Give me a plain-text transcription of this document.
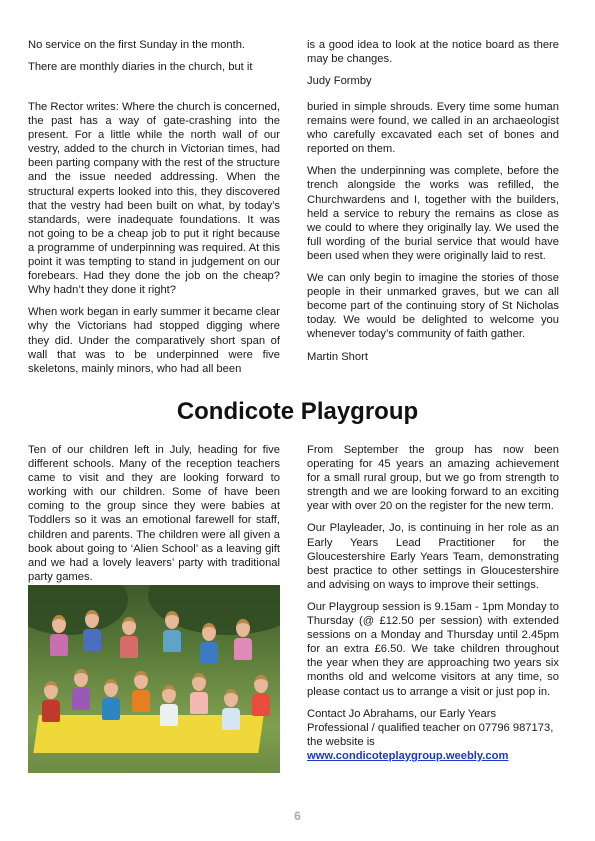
No service on the first Sunday in the month.

There are monthly diaries in the church, but it

is a good idea to look at the notice board as there may be changes.

Judy Formby

The Rector writes: Where the church is concerned, the past has a way of gate-crashing into the present. For a little while the north wall of our vestry, added to the church in Victorian times, had been parting company with the rest of the structure and the issue needed addressing. When the structural experts looked into this, they discovered that the vestry had been built on what, by today’s standards, were inadequate foundations. It was not going to be a cheap job to put it right because a programme of underpinning was required. At this point it was tempting to stand in judgement on our forebears. Had they done the job on the cheap? Why hadn’t they done it right?

When work began in early summer it became clear why the Victorians had stopped digging where they did. Under the comparatively short span of wall that was to be underpinned were five skeletons, mainly minors, who had all been

buried in simple shrouds. Every time some human remains were found, we called in an archaeologist who carefully excavated each set of bones and reported on them.

When the underpinning was complete, before the trench alongside the works was refilled, the Churchwardens and I, together with the builders, held a service to rebury the remains as close as we could to where they originally lay. We used the full wording of the burial service that would have been used when they were originally laid to rest.

We can only begin to imagine the stories of those people in their unmarked graves, but we can all become part of the continuing story of St Nicholas today. We would be delighted to welcome you whenever today’s community of faith gather.

Martin Short

Condicote Playgroup

Ten of our children left in July, heading for five different schools. Many of the reception teachers came to visit and they are looking forward to working with our children. Some of have been coming to the group since they were babies at Toddlers so it was an emotional farewell for staff, children and parents. The children were all given a book about going to ‘Alien School’ as a leaving gift and we had a lovely leavers’ party with traditional party games.

From September the group has now been operating for 45 years an amazing achievement for a small rural group, but we go from strength to strength and we are looking forward to an exciting year with over 20 on the register for the new term.

Our Playleader, Jo, is continuing in her role as an Early Years Lead Practitioner for the Gloucestershire Early Years Team, demonstrating best practice to other settings in Gloucestershire and advising on ways to improve their settings.

Our Playgroup session is 9.15am - 1pm Monday to Thursday (@ £12.50 per session) with extended sessions on a Monday and Thursday until 2.45pm for an extra £6.50. We take children throughout the year when they are approaching two years six months old and welcome visitors at any time, so please contact us to arrange a visit or just pop in.

Contact Jo Abrahams, our Early Years Professional / qualified teacher on 07796 987173, the website is
www.condicoteplaygroup.weebly.com

6
